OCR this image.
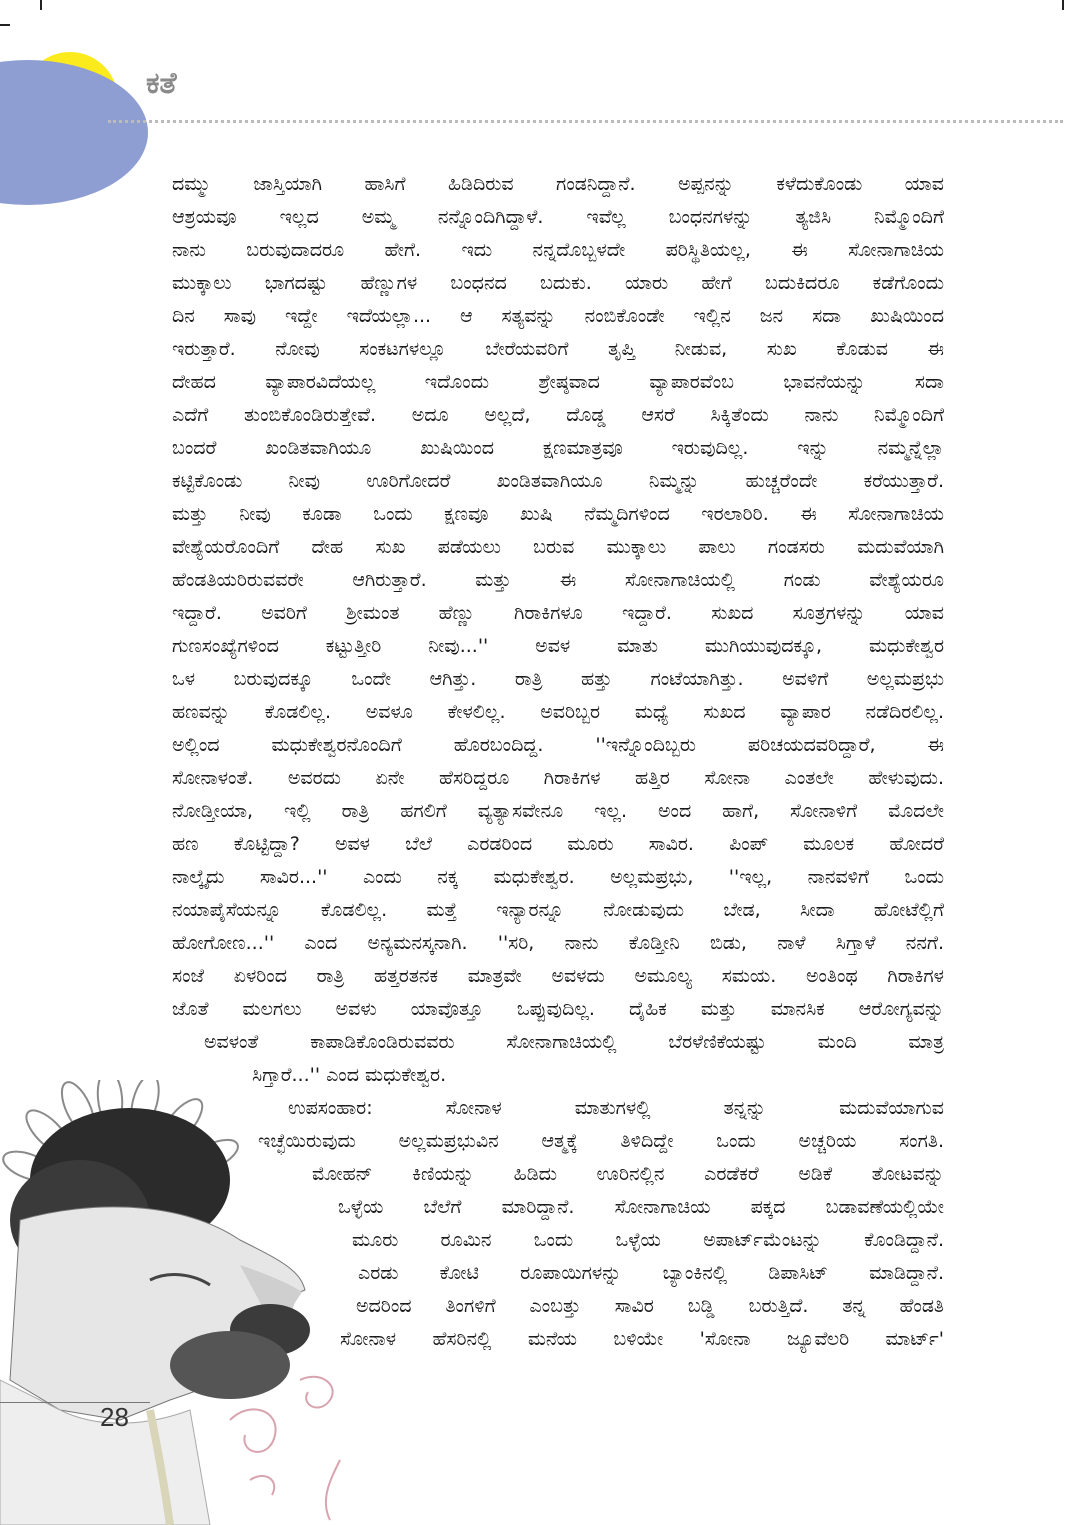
ಕತೆ

ದಮ್ಮು ಜಾಸ್ತಿಯಾಗಿ ಹಾಸಿಗೆ ಹಿಡಿದಿರುವ ಗಂಡನಿದ್ದಾನೆ. ಅಪ್ಪನನ್ನು ಕಳೆದುಕೊಂಡು ಯಾವ

ಆಶ್ರಯವೂ ಇಲ್ಲದ ಅಮ್ಮ ನನ್ನೊಂದಿಗಿದ್ದಾಳೆ. ಇವೆಲ್ಲ ಬಂಧನಗಳನ್ನು ತ್ಯಜಿಸಿ ನಿಮ್ಮೊಂದಿಗೆ

ನಾನು ಬರುವುದಾದರೂ ಹೇಗೆ. ಇದು ನನ್ನದೊಬ್ಬಳದೇ ಪರಿಸ್ಥಿತಿಯಲ್ಲ, ಈ ಸೋನಾಗಾಚಿಯ

ಮುಕ್ಕಾಲು ಭಾಗದಷ್ಟು ಹೆಣ್ಣುಗಳ ಬಂಧನದ ಬದುಕು. ಯಾರು ಹೇಗೆ ಬದುಕಿದರೂ ಕಡೆಗೊಂದು

ದಿನ ಸಾವು ಇದ್ದೇ ಇದೆಯಲ್ಲಾ... ಆ ಸತ್ಯವನ್ನು ನಂಬಿಕೊಂಡೇ ಇಲ್ಲಿನ ಜನ ಸದಾ ಖುಷಿಯಿಂದ

ಇರುತ್ತಾರೆ. ನೋವು ಸಂಕಟಗಳಲ್ಲೂ ಬೇರೆಯವರಿಗೆ ತೃಪ್ತಿ ನೀಡುವ, ಸುಖ ಕೊಡುವ ಈ

ದೇಹದ ವ್ಯಾಪಾರವಿದೆಯಲ್ಲ ಇದೊಂದು ಶ್ರೇಷ್ಠವಾದ ವ್ಯಾಪಾರವೆಂಬ ಭಾವನೆಯನ್ನು ಸದಾ

ಎದೆಗೆ ತುಂಬಿಕೊಂಡಿರುತ್ತೇವೆ. ಅದೂ ಅಲ್ಲದೆ, ದೊಡ್ಡ ಆಸರೆ ಸಿಕ್ಕಿತೆಂದು ನಾನು ನಿಮ್ಮೊಂದಿಗೆ

ಬಂದರೆ ಖಂಡಿತವಾಗಿಯೂ ಖುಷಿಯಿಂದ ಕ್ಷಣಮಾತ್ರವೂ ಇರುವುದಿಲ್ಲ. ಇನ್ನು ನಮ್ಮನ್ನೆಲ್ಲಾ

ಕಟ್ಟಿಕೊಂಡು ನೀವು ಊರಿಗೋದರೆ ಖಂಡಿತವಾಗಿಯೂ ನಿಮ್ಮನ್ನು ಹುಚ್ಚರೆಂದೇ ಕರೆಯುತ್ತಾರೆ.

ಮತ್ತು ನೀವು ಕೂಡಾ ಒಂದು ಕ್ಷಣವೂ ಖುಷಿ ನೆಮ್ಮದಿಗಳಿಂದ ಇರಲಾರಿರಿ. ಈ ಸೋನಾಗಾಚಿಯ

ವೇಶ್ಯೆಯರೊಂದಿಗೆ ದೇಹ ಸುಖ ಪಡೆಯಲು ಬರುವ ಮುಕ್ಕಾಲು ಪಾಲು ಗಂಡಸರು ಮದುವೆಯಾಗಿ

ಹೆಂಡತಿಯರಿರುವವರೇ ಆಗಿರುತ್ತಾರೆ. ಮತ್ತು ಈ ಸೋನಾಗಾಚಿಯಲ್ಲಿ ಗಂಡು ವೇಶ್ಯೆಯರೂ

ಇದ್ದಾರೆ. ಅವರಿಗೆ ಶ್ರೀಮಂತ ಹೆಣ್ಣು ಗಿರಾಕಿಗಳೂ ಇದ್ದಾರೆ. ಸುಖದ ಸೂತ್ರಗಳನ್ನು ಯಾವ

ಗುಣಸಂಖ್ಯೆಗಳಿಂದ ಕಟ್ಟುತ್ತೀರಿ ನೀವು...'' ಅವಳ ಮಾತು ಮುಗಿಯುವುದಕ್ಕೂ, ಮಧುಕೇಶ್ವರ

ಒಳ ಬರುವುದಕ್ಕೂ ಒಂದೇ ಆಗಿತ್ತು. ರಾತ್ರಿ ಹತ್ತು ಗಂಟೆಯಾಗಿತ್ತು. ಅವಳಿಗೆ ಅಲ್ಲಮಪ್ರಭು

ಹಣವನ್ನು ಕೊಡಲಿಲ್ಲ. ಅವಳೂ ಕೇಳಲಿಲ್ಲ. ಅವರಿಬ್ಬರ ಮಧ್ಯೆ ಸುಖದ ವ್ಯಾಪಾರ ನಡೆದಿರಲಿಲ್ಲ.

ಅಲ್ಲಿಂದ ಮಧುಕೇಶ್ವರನೊಂದಿಗೆ ಹೊರಬಂದಿದ್ದ. ''ಇನ್ನೊಂದಿಬ್ಬರು ಪರಿಚಯದವರಿದ್ದಾರೆ, ಈ

ಸೋನಾಳಂತೆ. ಅವರದು ಏನೇ ಹೆಸರಿದ್ದರೂ ಗಿರಾಕಿಗಳ ಹತ್ತಿರ ಸೋನಾ ಎಂತಲೇ ಹೇಳುವುದು.

ನೋಡ್ತೀಯಾ, ಇಲ್ಲಿ ರಾತ್ರಿ ಹಗಲಿಗೆ ವ್ಯತ್ಯಾಸವೇನೂ ಇಲ್ಲ. ಅಂದ ಹಾಗೆ, ಸೋನಾಳಿಗೆ ಮೊದಲೇ

ಹಣ ಕೊಟ್ಟಿದ್ದಾ? ಅವಳ ಬೆಲೆ ಎರಡರಿಂದ ಮೂರು ಸಾವಿರ. ಪಿಂಪ್ ಮೂಲಕ ಹೋದರೆ

ನಾಲ್ಕೈದು ಸಾವಿರ...'' ಎಂದು ನಕ್ಕ ಮಧುಕೇಶ್ವರ. ಅಲ್ಲಮಪ್ರಭು, ''ಇಲ್ಲ, ನಾನವಳಿಗೆ ಒಂದು

ನಯಾಪೈಸೆಯನ್ನೂ ಕೊಡಲಿಲ್ಲ. ಮತ್ತೆ ಇನ್ಯಾರನ್ನೂ ನೋಡುವುದು ಬೇಡ, ಸೀದಾ ಹೋಟೆಲ್ಲಿಗೆ

ಹೋಗೋಣ...'' ಎಂದ ಅನ್ಯಮನಸ್ಕನಾಗಿ. ''ಸರಿ, ನಾನು ಕೊಡ್ತೀನಿ ಬಿಡು, ನಾಳೆ ಸಿಗ್ತಾಳೆ ನನಗೆ.

ಸಂಜೆ ಏಳರಿಂದ ರಾತ್ರಿ ಹತ್ತರತನಕ ಮಾತ್ರವೇ ಅವಳದು ಅಮೂಲ್ಯ ಸಮಯ. ಅಂತಿಂಥ ಗಿರಾಕಿಗಳ

ಜೊತೆ ಮಲಗಲು ಅವಳು ಯಾವೊತ್ತೂ ಒಪ್ಪುವುದಿಲ್ಲ. ದೈಹಿಕ ಮತ್ತು ಮಾನಸಿಕ ಆರೋಗ್ಯವನ್ನು

ಅವಳಂತೆ ಕಾಪಾಡಿಕೊಂಡಿರುವವರು ಸೋನಾಗಾಚಿಯಲ್ಲಿ ಬೆರಳೆಣಿಕೆಯಷ್ಟು ಮಂದಿ ಮಾತ್ರ

ಸಿಗ್ತಾರೆ...'' ಎಂದ ಮಧುಕೇಶ್ವರ.

ಉಪಸಂಹಾರ: ಸೋನಾಳ ಮಾತುಗಳಲ್ಲಿ ತನ್ನನ್ನು ಮದುವೆಯಾಗುವ

ಇಚ್ಛೆಯಿರುವುದು ಅಲ್ಲಮಪ್ರಭುವಿನ ಆತ್ಮಕ್ಕೆ ತಿಳಿದಿದ್ದೇ ಒಂದು ಅಚ್ಚರಿಯ ಸಂಗತಿ.

ಮೋಹನ್ ಕಿಣಿಯನ್ನು ಹಿಡಿದು ಊರಿನಲ್ಲಿನ ಎರಡೆಕರೆ ಅಡಿಕೆ ತೋಟವನ್ನು

ಒಳ್ಳೆಯ ಬೆಲೆಗೆ ಮಾರಿದ್ದಾನೆ. ಸೋನಾಗಾಚಿಯ ಪಕ್ಕದ ಬಡಾವಣೆಯಲ್ಲಿಯೇ

ಮೂರು ರೂಮಿನ ಒಂದು ಒಳ್ಳೆಯ ಅಪಾರ್ಟ್‌ಮೆಂಟನ್ನು ಕೊಂಡಿದ್ದಾನೆ.

ಎರಡು ಕೋಟಿ ರೂಪಾಯಿಗಳನ್ನು ಬ್ಯಾಂಕಿನಲ್ಲಿ ಡಿಪಾಸಿಟ್ ಮಾಡಿದ್ದಾನೆ.

ಅದರಿಂದ ತಿಂಗಳಿಗೆ ಎಂಬತ್ತು ಸಾವಿರ ಬಡ್ಡಿ ಬರುತ್ತಿದೆ. ತನ್ನ ಹೆಂಡತಿ

ಸೋನಾಳ ಹೆಸರಿನಲ್ಲಿ ಮನೆಯ ಬಳಿಯೇ 'ಸೋನಾ ಜ್ಯೂವೆಲರಿ ಮಾರ್ಟ್'

28
